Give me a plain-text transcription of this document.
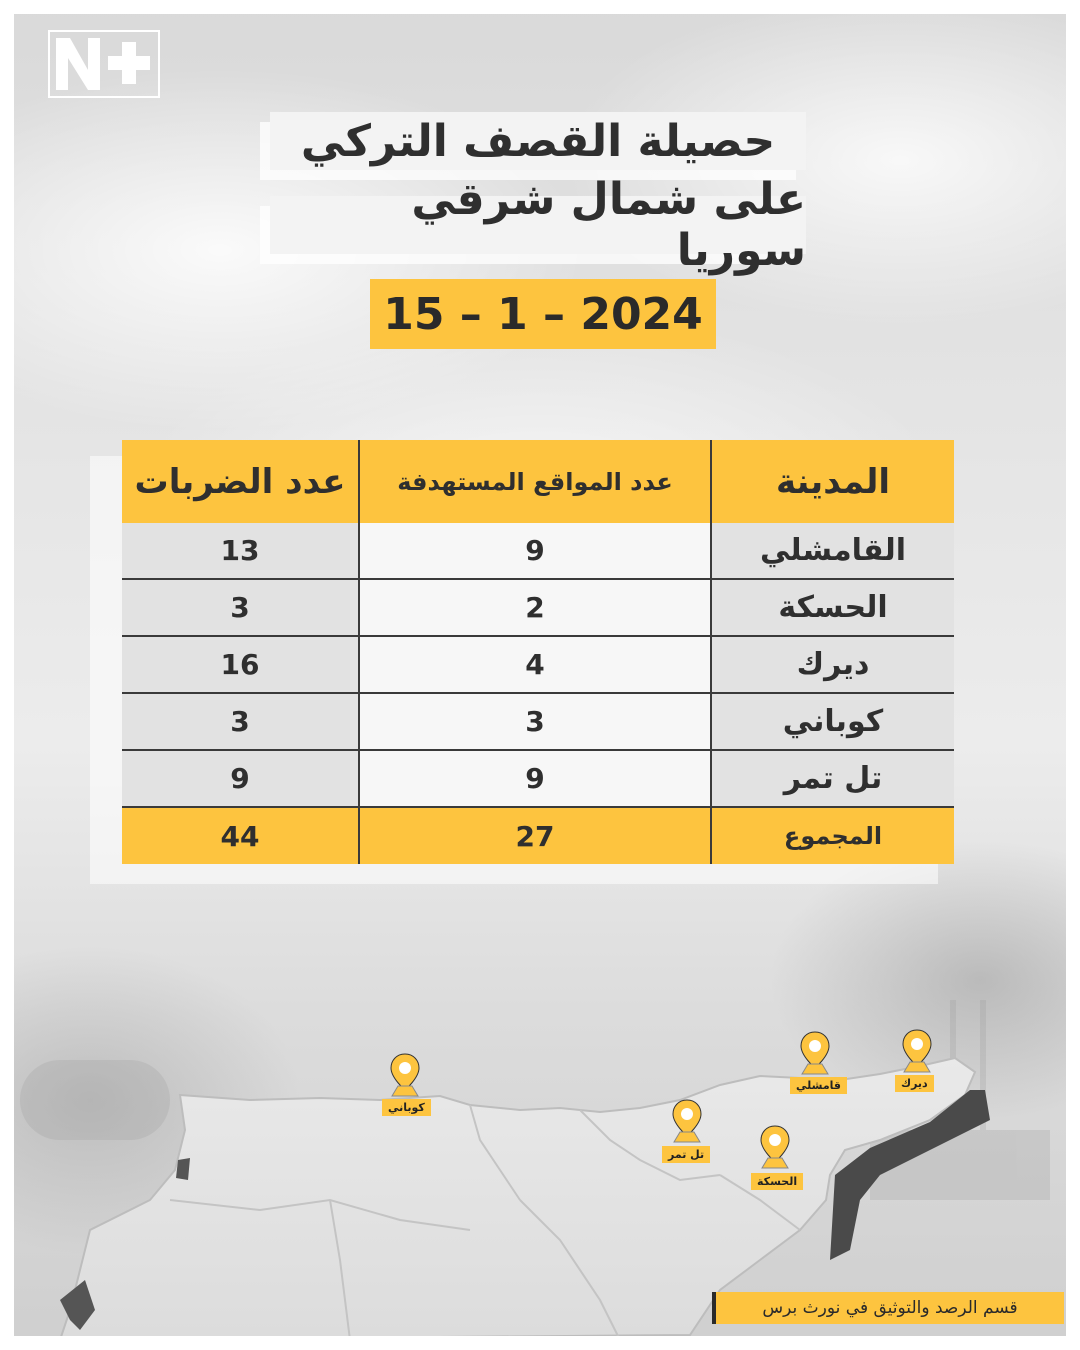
حصيلة القصف التركي
على شمال شرقي سوريا
15 – 1 – 2024
عدد الضربات	عدد المواقع المستهدفة	المدينة
13	9	القامشلي
3	2	الحسكة
16	4	ديرك
3	3	كوباني
9	9	تل تمر
44	27	المجموع
كوباني
تل تمر
الحسكة
قامشلي	ديرك
قسم الرصد والتوثيق في نورث برس
